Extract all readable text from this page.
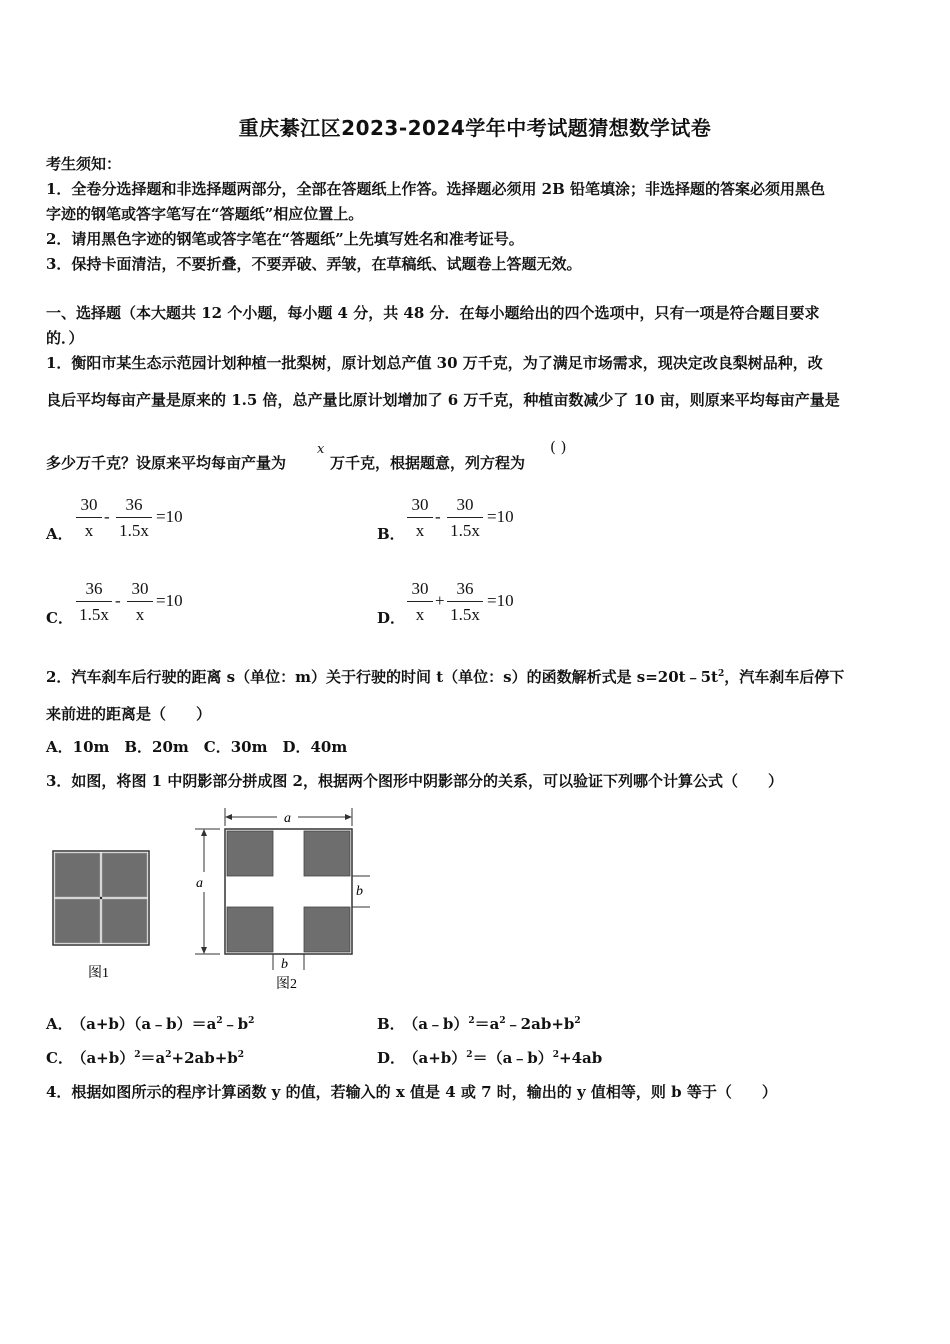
重庆綦江区2023-2024学年中考试题猜想数学试卷
考生须知：
1．全卷分选择题和非选择题两部分，全部在答题纸上作答。选择题必须用 2B 铅笔填涂；非选择题的答案必须用黑色
字迹的钢笔或答字笔写在“答题纸”相应位置上。
2．请用黑色字迹的钢笔或答字笔在“答题纸”上先填写姓名和准考证号。
3．保持卡面清洁，不要折叠，不要弄破、弄皱，在草稿纸、试题卷上答题无效。
一、选择题（本大题共 12 个小题，每小题 4 分，共 48 分．在每小题给出的四个选项中，只有一项是符合题目要求
的．）
1．衡阳市某生态示范园计划种植一批梨树，原计划总产值 30 万千克，为了满足市场需求，现决定改良梨树品种，改
良后平均每亩产量是原来的 1.5 倍，总产量比原计划增加了 6 万千克，种植亩数减少了 10 亩，则原来平均每亩产量是
多少万千克？设原来平均每亩产量为
x
万千克，根据题意，列方程为
( )
A．
30
x
-
36
1.5x
=10
B．
30
x
-
30
1.5x
=10
C．
36
1.5x
-
30
x
=10
D．
30
x
+
36
1.5x
=10
2．汽车刹车后行驶的距离 s（单位：m）关于行驶的时间 t（单位：s）的函数解析式是 $s=20t﹣5t^2$，汽车刹车后停下
来前进的距离是（　　）
A．10m　B．20m　C．30m　D．40m
3．如图，将图 1 中阴影部分拼成图 2，根据两个图形中阴影部分的关系，可以验证下列哪个计算公式（　　）
图1
a
a
b
b
图2
A． $(a+b)(a﹣b)=a^2﹣b^2$	B． $(a﹣b)^2=a^2﹣2ab+b^2$
C． $(a+b)^2=a^2+2ab+b^2$	D． $(a+b)^2=(a﹣b)^2+4ab$
4．根据如图所示的程序计算函数 y 的值，若输入的 x 值是 4 或 7 时，输出的 y 值相等，则 b 等于（　　）
